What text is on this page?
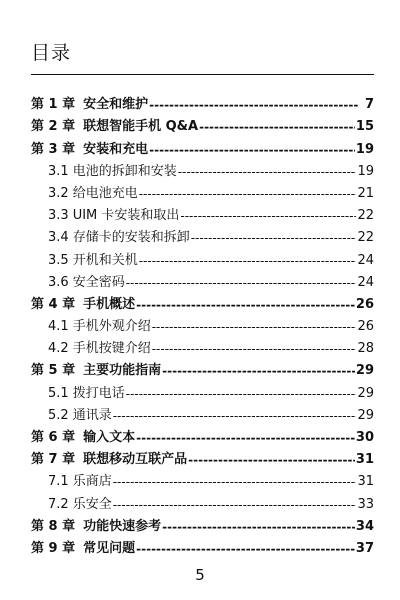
目录
第 1 章 安全和维护 -----	7
第 2 章 联想智能手机 Q&A -----	15
第 3 章 安装和充电 -----	19
3.1 电池的拆卸和安装 -----	19
3.2 给电池充电 -----	21
3.3 UIM 卡安装和取出 -----	22
3.4 存储卡的安装和拆卸 -----	22
3.5 开机和关机 -----	24
3.6 安全密码 -----	24
第 4 章 手机概述 -----	26
4.1 手机外观介绍 -----	26
4.2 手机按键介绍 -----	28
第 5 章 主要功能指南 -----	29
5.1 拨打电话 -----	29
5.2 通讯录 -----	29
第 6 章 输入文本 -----	30
第 7 章 联想移动互联产品 -----	31
7.1 乐商店 -----	31
7.2 乐安全 -----	33
第 8 章 功能快速参考 -----	34
第 9 章 常见问题 -----	37
5
